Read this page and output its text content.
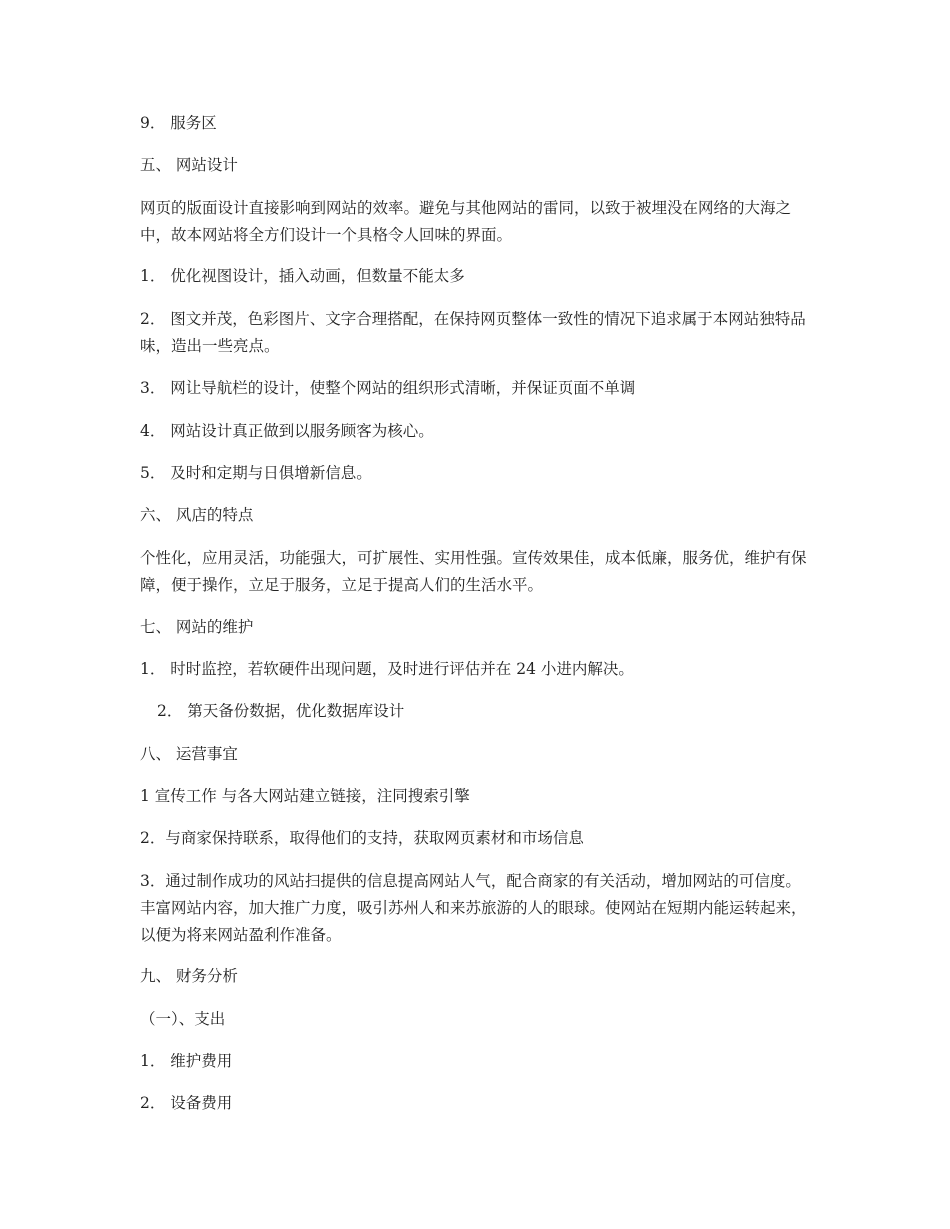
9． 服务区

五、 网站设计

网页的版面设计直接影响到网站的效率。避免与其他网站的雷同，以致于被埋没在网络的大海之中，故本网站将全方们设计一个具格令人回味的界面。

1． 优化视图设计，插入动画，但数量不能太多

2． 图文并茂，色彩图片、文字合理搭配，在保持网页整体一致性的情况下追求属于本网站独特品味，造出一些亮点。

3． 网让导航栏的设计，使整个网站的组织形式清晰，并保证页面不单调

4． 网站设计真正做到以服务顾客为核心。

5． 及时和定期与日俱增新信息。

六、 风店的特点

个性化，应用灵活，功能强大，可扩展性、实用性强。宣传效果佳，成本低廉，服务优，维护有保障，便于操作，立足于服务，立足于提高人们的生活水平。

七、 网站的维护

1． 时时监控，若软硬件出现问题，及时进行评估并在 24 小进内解决。

2． 第天备份数据，优化数据库设计

八、 运营事宜

1 宣传工作 与各大网站建立链接，注同搜索引擎

2．与商家保持联系，取得他们的支持，获取网页素材和市场信息

3．通过制作成功的风站扫提供的信息提高网站人气，配合商家的有关活动，增加网站的可信度。丰富网站内容，加大推广力度，吸引苏州人和来苏旅游的人的眼球。使网站在短期内能运转起来，以便为将来网站盈利作准备。

九、 财务分析

（一）、支出

1． 维护费用

2． 设备费用
